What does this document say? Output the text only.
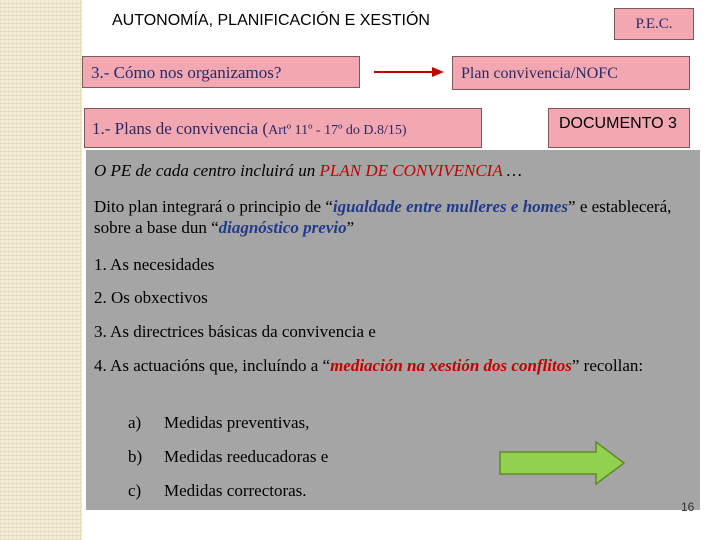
AUTONOMÍA, PLANIFICACIÓN E XESTIÓN	P.E.C.
3.- Cómo nos organizamos?	Plan convivencia/NOFC
1.- Plans de convivencia (Artº 11º - 17º do D.8/15)	DOCUMENTO 3

O PE de cada centro incluirá un PLAN DE CONVIVENCIA …

Dito plan integrará o principio de “igualdade entre mulleres e homes” e establecerá, sobre a base dun “diagnóstico previo”

1. As necesidades

2. Os obxectivos

3. As directrices básicas da convivencia e

4. As actuacións que, incluíndo a “mediación na xestión dos conflitos” recollan:

a) Medidas preventivas,
b) Medidas reeducadoras e
c) Medidas correctoras.
16
